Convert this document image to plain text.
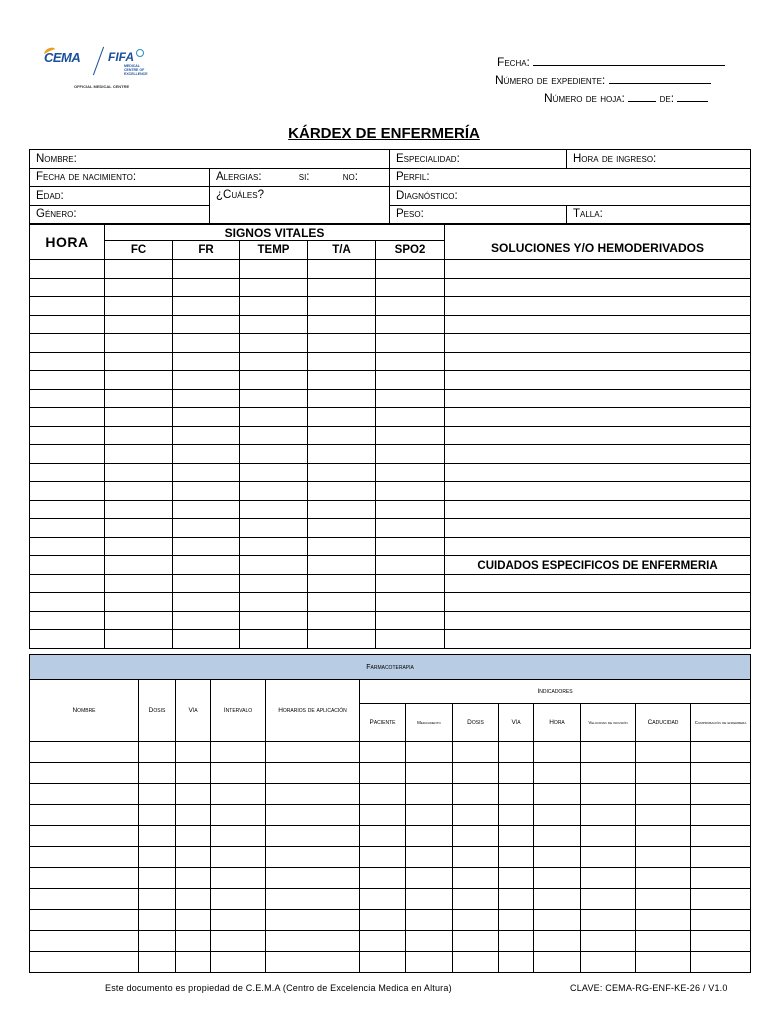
CEMA FIFA
MEDICAL CENTRE OF EXCELLENCE
OFFICIAL MEDICAL CENTRE
Fecha:
Número de expediente:
Número de hoja:	de:
KÁRDEX DE ENFERMERÍA
Nombre:		Especialidad:	Hora de ingreso:
Fecha de nacimiento:	Alergias: si: no:	Perfil:	
Edad:	¿Cuáles?	Diagnóstico:	
Género:		Peso:	Talla:
HORA	SIGNOS VITALES					SOLUCIONES Y/O HEMODERIVADOS
	FC	FR	TEMP	T/A	SPO2	

						CUIDADOS ESPECIFICOS DE ENFERMERIA

Farmacoterapia												
Nombre	Dosis	Vía	Intervalo	Horarios de aplicación	Indicadores							
					Paciente	Medicamento	Dosis	Vía	Hora	Velocidad de infusión	Caducidad	Comprobación de enfermera

Este documento es propiedad de C.E.M.A (Centro de Excelencia Medica en Altura)	CLAVE: CEMA-RG-ENF-KE-26 / V1.0
